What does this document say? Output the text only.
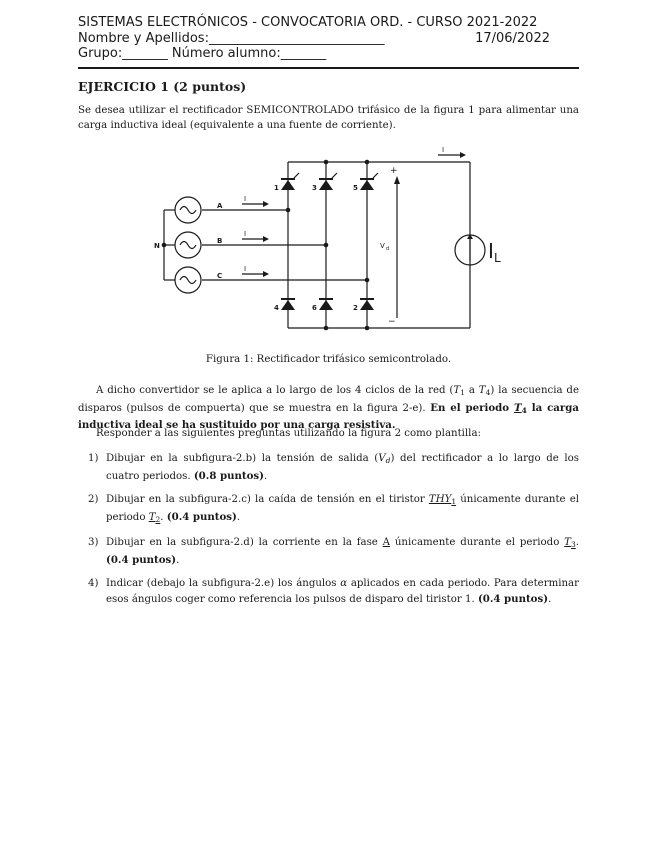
SISTEMAS ELECTRÓNICOS - CONVOCATORIA ORD. - CURSO 2021-2022
Nombre y Apellidos:___________________________	17/06/2022
Grupo:_______ Número alumno:_______
EJERCICIO 1 (2 puntos)
Se desea utilizar el rectificador SEMICONTROLADO trifásico de la figura 1 para alimentar una carga inductiva ideal (equivalente a una fuente de corriente).
N
A
B
C
I
I
I
I
1	3	5
4	6	2
+
−
V d	I L
Figura 1: Rectificador trifásico semicontrolado.
A dicho convertidor se le aplica a lo largo de los 4 ciclos de la red ($T_1$ a $T_4$) la secuencia de disparos (pulsos de compuerta) que se muestra en la figura 2-e). En el periodo $T_4$ la carga inductiva ideal se ha sustituido por una carga resistiva.
Responder a las siguientes preguntas utilizando la figura 2 como plantilla:
1) Dibujar en la subfigura-2.b) la tensión de salida $(V_d)$ del rectificador a lo largo de los cuatro periodos. (0.8 puntos).
2) Dibujar en la subfigura-2.c) la caída de tensión en el tiristor $THY_1$ únicamente durante el periodo $T_2$. (0.4 puntos).
3) Dibujar en la subfigura-2.d) la corriente en la fase A únicamente durante el periodo $T_3$. (0.4 puntos).
4) Indicar (debajo la subfigura-2.e) los ángulos α aplicados en cada periodo. Para determinar esos ángulos coger como referencia los pulsos de disparo del tiristor 1. (0.4 puntos).
